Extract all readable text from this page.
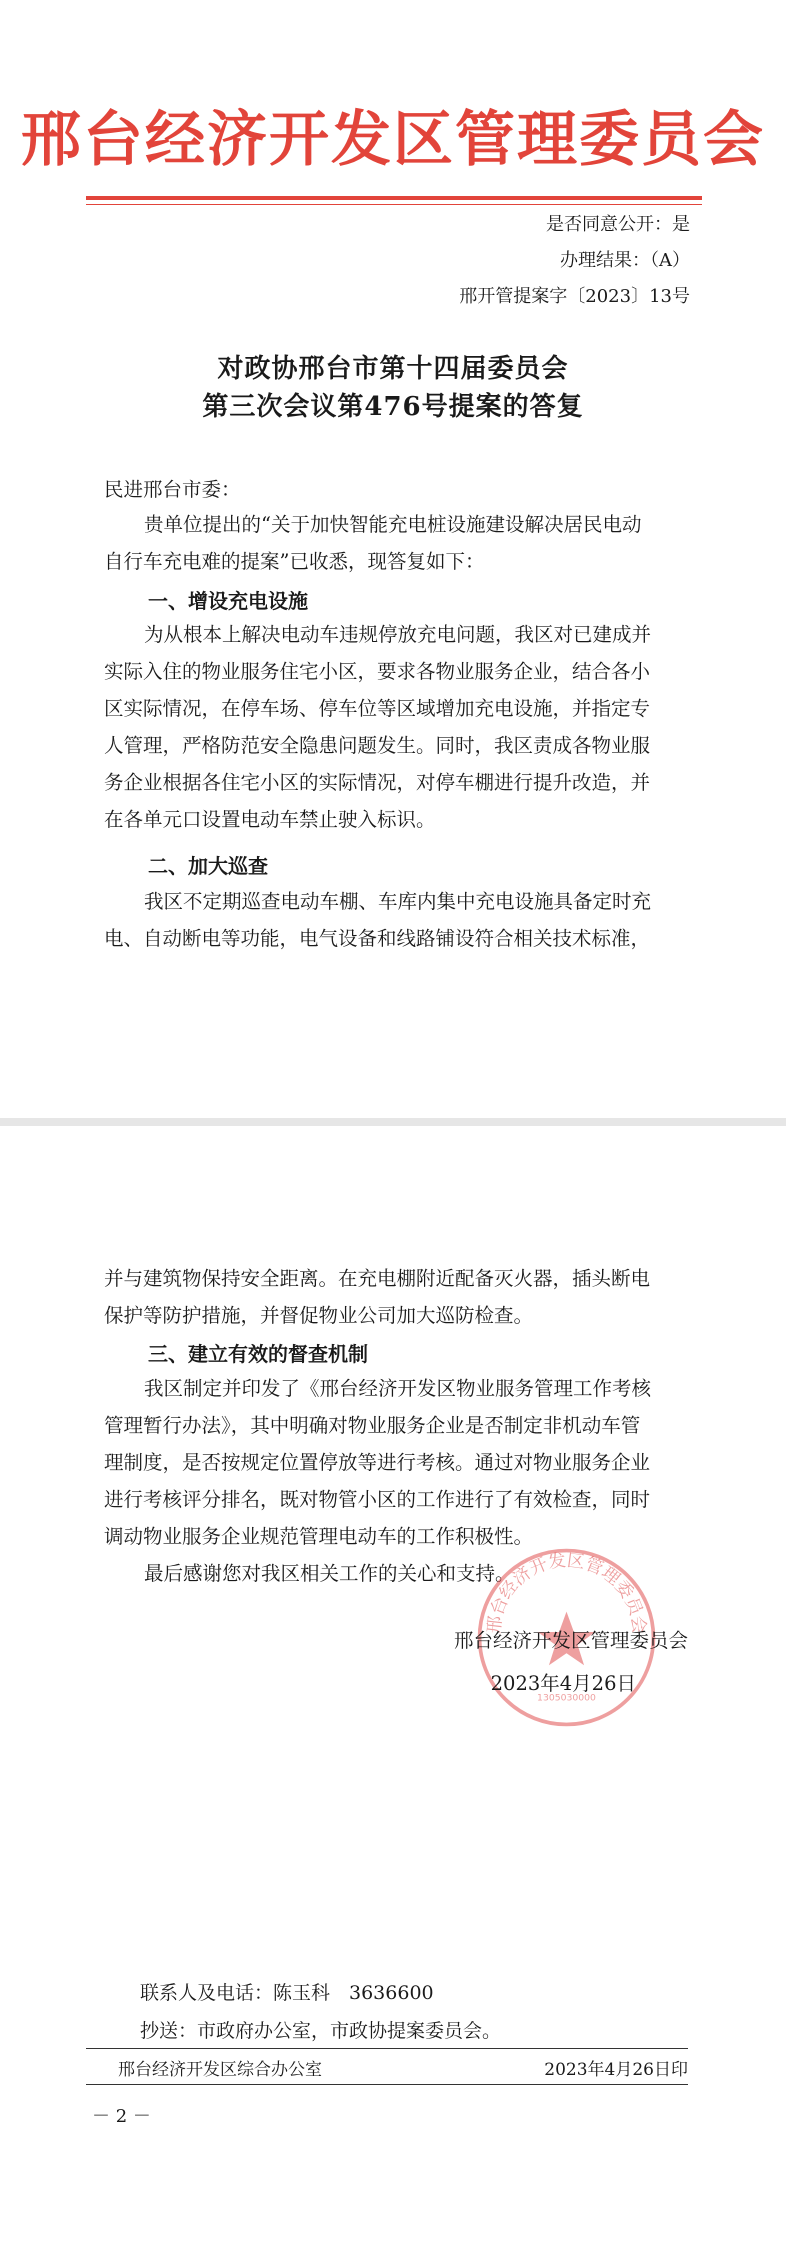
邢台经济开发区管理委员会
是否同意公开：是
办理结果：（A）
邢开管提案字〔2023〕13号
对政协邢台市第十四届委员会
第三次会议第476号提案的答复
民进邢台市委：
贵单位提出的“关于加快智能充电桩设施建设解决居民电动
自行车充电难的提案”已收悉，现答复如下：
一、增设充电设施
为从根本上解决电动车违规停放充电问题，我区对已建成并
实际入住的物业服务住宅小区，要求各物业服务企业，结合各小
区实际情况，在停车场、停车位等区域增加充电设施，并指定专
人管理，严格防范安全隐患问题发生。同时，我区责成各物业服
务企业根据各住宅小区的实际情况，对停车棚进行提升改造，并
在各单元口设置电动车禁止驶入标识。
二、加大巡查
我区不定期巡查电动车棚、车库内集中充电设施具备定时充
电、自动断电等功能，电气设备和线路铺设符合相关技术标准，
并与建筑物保持安全距离。在充电棚附近配备灭火器，插头断电
保护等防护措施，并督促物业公司加大巡防检查。
三、建立有效的督查机制
我区制定并印发了《邢台经济开发区物业服务管理工作考核
管理暂行办法》，其中明确对物业服务企业是否制定非机动车管
理制度，是否按规定位置停放等进行考核。通过对物业服务企业
进行考核评分排名，既对物管小区的工作进行了有效检查，同时
调动物业服务企业规范管理电动车的工作积极性。
最后感谢您对我区相关工作的关心和支持。
邢台经济开发区管理委员会
1305030000
邢台经济开发区管理委员会
2023年4月26日
联系人及电话：陈玉科　3636600
抄送：市政府办公室，市政协提案委员会。
邢台经济开发区综合办公室	2023年4月26日印
－ 2 －
